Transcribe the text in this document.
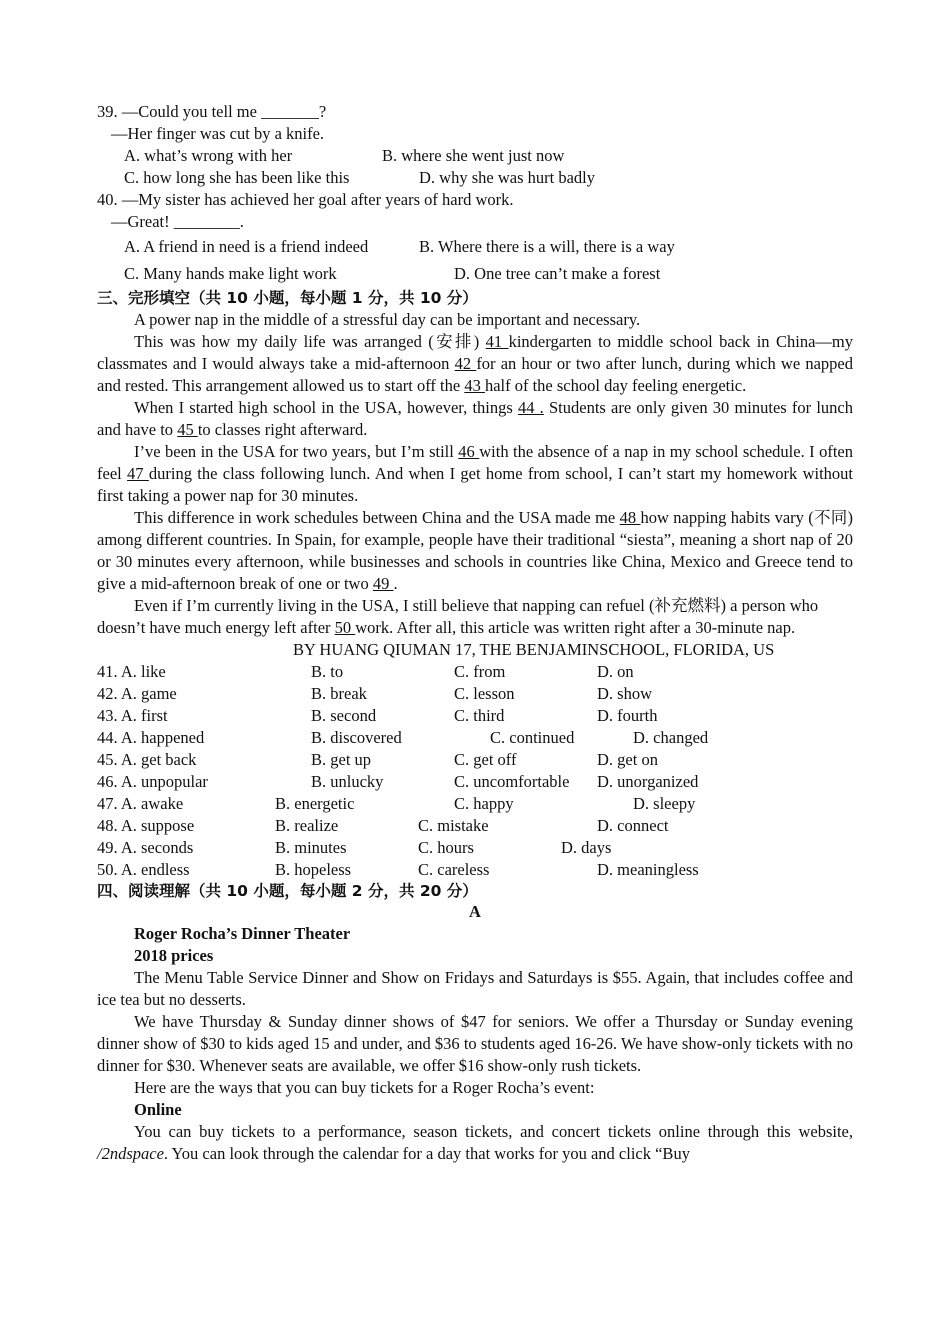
39. —Could you tell me _______?
—Her finger was cut by a knife.
A. what’s wrong with her	B. where she went just now
C. how long she has been like this	D. why she was hurt badly
40. —My sister has achieved her goal after years of hard work.
—Great! ________.
A. A friend in need is a friend indeed	B. Where there is a will, there is a way
C. Many hands make light work	D. One tree can’t make a forest
三、完形填空（共 10 小题，每小题 1 分，共 10 分）

A power nap in the middle of a stressful day can be important and necessary.

This was how my daily life was arranged (安排) 41 kindergarten to middle school back in China—my classmates and I would always take a mid-afternoon 42 for an hour or two after lunch, during which we napped and rested. This arrangement allowed us to start off the 43 half of the school day feeling energetic.

When I started high school in the USA, however, things 44 . Students are only given 30 minutes for lunch and have to 45 to classes right afterward.

I’ve been in the USA for two years, but I’m still 46 with the absence of a nap in my school schedule. I often feel 47 during the class following lunch. And when I get home from school, I can’t start my homework without first taking a power nap for 30 minutes.

This difference in work schedules between China and the USA made me 48 how napping habits vary (不同) among different countries. In Spain, for example, people have their traditional “siesta”, meaning a short nap of 20 or 30 minutes every afternoon, while businesses and schools in countries like China, Mexico and Greece tend to give a mid-afternoon break of one or two 49 .

Even if I’m currently living in the USA, I still believe that napping can refuel (补充燃料) a person who doesn’t have much energy left after 50 work. After all, this article was written right after a 30-minute nap.

BY HUANG QIUMAN 17, THE BENJAMINSCHOOL, FLORIDA, US
41. A. like	B. to	C. from	D. on
42. A. game	B. break	C. lesson	D. show
43. A. first	B. second	C. third	D. fourth
44. A. happened	B. discovered	C. continued	D. changed
45. A. get back	B. get up	C. get off	D. get on
46. A. unpopular	B. unlucky	C. uncomfortable D. unorganized
47. A. awake	B. energetic	C. happy	D. sleepy
48. A. suppose	B. realize	C. mistake	D. connect
49. A. seconds	B. minutes	C. hours	D. days
50. A. endless	B. hopeless	C. careless	D. meaningless
四、阅读理解（共 10 小题，每小题 2 分，共 20 分）
A
Roger Rocha’s Dinner Theater
2018 prices

The Menu Table Service Dinner and Show on Fridays and Saturdays is $55. Again, that includes coffee and ice tea but no desserts.

We have Thursday & Sunday dinner shows of $47 for seniors. We offer a Thursday or Sunday evening dinner show of $30 to kids aged 15 and under, and $36 to students aged 16-26. We have show-only tickets with no dinner for $30. Whenever seats are available, we offer $16 show-only rush tickets.

Here are the ways that you can buy tickets for a Roger Rocha’s event:
Online

You can buy tickets to a performance, season tickets, and concert tickets online through this website, /2ndspace. You can look through the calendar for a day that works for you and click “Buy
